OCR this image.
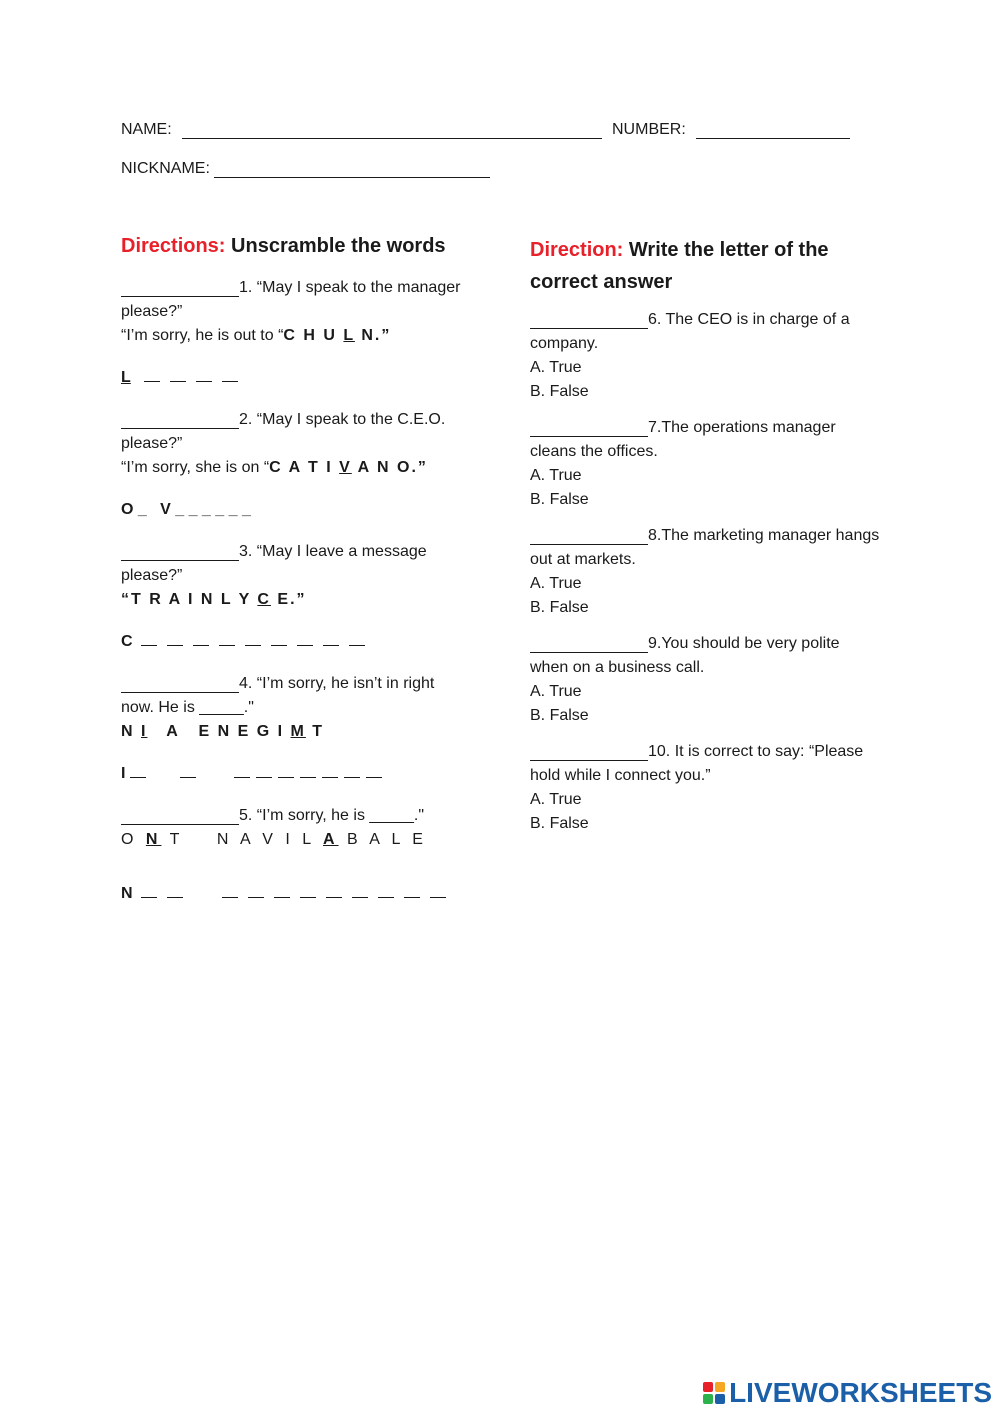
NAME:	NUMBER:
NICKNAME:
Directions: Unscramble the words

1. “May I speak to the manager please?”

“I’m sorry, he is out to “C H U L N.”

L

2. “May I speak to the C.E.O. please?”

“I’m sorry, she is on “C A T I V A N O.”

O _   V _ _ _ _ _ _

3. “May I leave a message please?”

“T R A I N L Y C E.”

C

4. “I’m sorry, he isn’t in right now. He is _____."

N I   A   E N E G I M T

I

5. “I’m sorry, he is _____."

O N T    N A V I L A B A L E

N
Direction: Write the letter of the correct answer

6. The CEO is in charge of a company.

A. True
B. False

7.The operations manager cleans the offices.

A. True
B. False

8.The marketing manager hangs out at markets.

A. True
B. False

9.You should be very polite when on a business call.

A. True
B. False

10. It is correct to say: “Please hold while I connect you.”

A. True
B. False
LIVEWORKSHEETS
